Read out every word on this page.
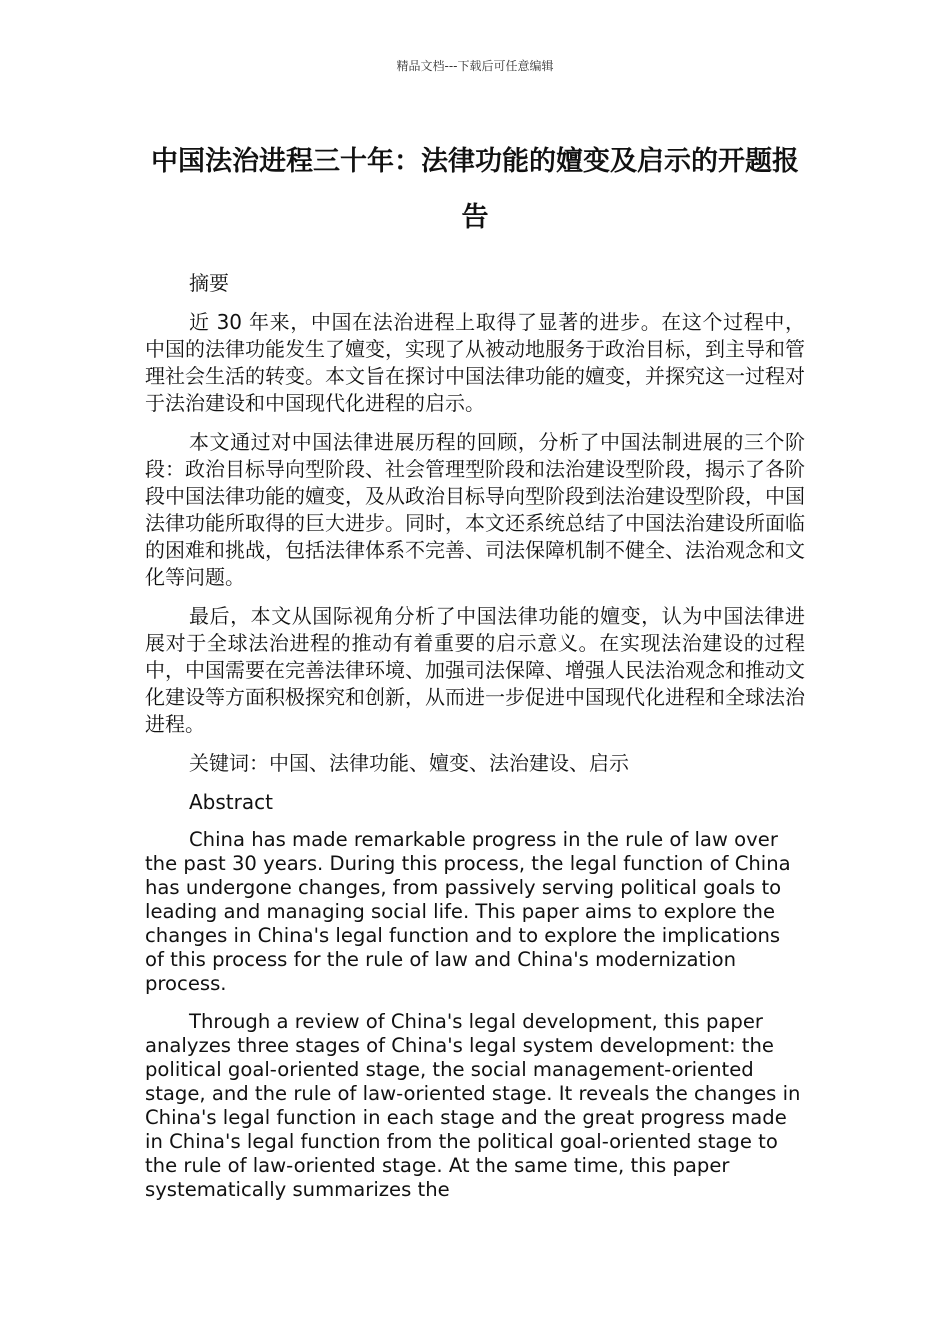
精品文档---下载后可任意编辑
中国法治进程三十年：法律功能的嬗变及启示的开题报告

摘要

近 30 年来，中国在法治进程上取得了显著的进步。在这个过程中，中国的法律功能发生了嬗变，实现了从被动地服务于政治目标，到主导和管理社会生活的转变。本文旨在探讨中国法律功能的嬗变，并探究这一过程对于法治建设和中国现代化进程的启示。

本文通过对中国法律进展历程的回顾，分析了中国法制进展的三个阶段：政治目标导向型阶段、社会管理型阶段和法治建设型阶段，揭示了各阶段中国法律功能的嬗变，及从政治目标导向型阶段到法治建设型阶段，中国法律功能所取得的巨大进步。同时，本文还系统总结了中国法治建设所面临的困难和挑战，包括法律体系不完善、司法保障机制不健全、法治观念和文化等问题。

最后，本文从国际视角分析了中国法律功能的嬗变，认为中国法律进展对于全球法治进程的推动有着重要的启示意义。在实现法治建设的过程中，中国需要在完善法律环境、加强司法保障、增强人民法治观念和推动文化建设等方面积极探究和创新，从而进一步促进中国现代化进程和全球法治进程。

关键词：中国、法律功能、嬗变、法治建设、启示

Abstract

China has made remarkable progress in the rule of law over the past 30 years. During this process, the legal function of China has undergone changes, from passively serving political goals to leading and managing social life. This paper aims to explore the changes in China's legal function and to explore the implications of this process for the rule of law and China's modernization process.

Through a review of China's legal development, this paper analyzes three stages of China's legal system development: the political goal-oriented stage, the social management-oriented stage, and the rule of law-oriented stage. It reveals the changes in China's legal function in each stage and the great progress made in China's legal function from the political goal-oriented stage to the rule of law-oriented stage. At the same time, this paper systematically summarizes the
